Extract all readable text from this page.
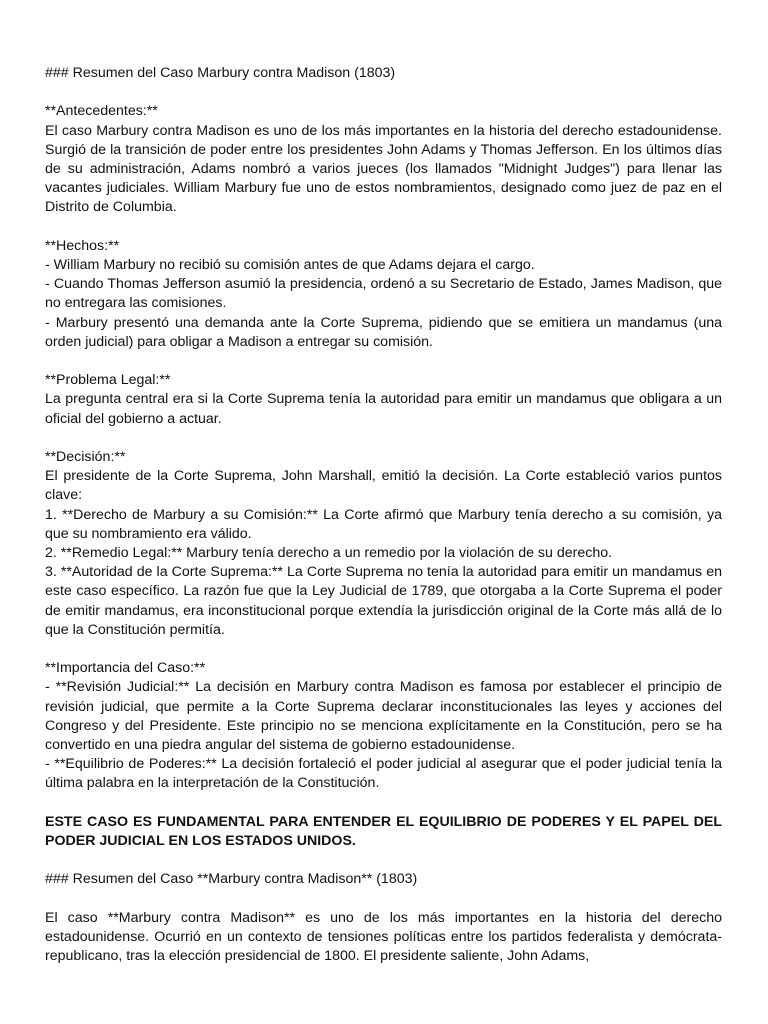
### Resumen del Caso Marbury contra Madison (1803)
**Antecedentes:**
El caso Marbury contra Madison es uno de los más importantes en la historia del derecho estadounidense. Surgió de la transición de poder entre los presidentes John Adams y Thomas Jefferson. En los últimos días de su administración, Adams nombró a varios jueces (los llamados "Midnight Judges") para llenar las vacantes judiciales. William Marbury fue uno de estos nombramientos, designado como juez de paz en el Distrito de Columbia.
**Hechos:**
- William Marbury no recibió su comisión antes de que Adams dejara el cargo.
- Cuando Thomas Jefferson asumió la presidencia, ordenó a su Secretario de Estado, James Madison, que no entregara las comisiones.
- Marbury presentó una demanda ante la Corte Suprema, pidiendo que se emitiera un mandamus (una orden judicial) para obligar a Madison a entregar su comisión.
**Problema Legal:**
La pregunta central era si la Corte Suprema tenía la autoridad para emitir un mandamus que obligara a un oficial del gobierno a actuar.
**Decisión:**
El presidente de la Corte Suprema, John Marshall, emitió la decisión. La Corte estableció varios puntos clave:
1. **Derecho de Marbury a su Comisión:** La Corte afirmó que Marbury tenía derecho a su comisión, ya que su nombramiento era válido.
2. **Remedio Legal:** Marbury tenía derecho a un remedio por la violación de su derecho.
3. **Autoridad de la Corte Suprema:** La Corte Suprema no tenía la autoridad para emitir un mandamus en este caso específico. La razón fue que la Ley Judicial de 1789, que otorgaba a la Corte Suprema el poder de emitir mandamus, era inconstitucional porque extendía la jurisdicción original de la Corte más allá de lo que la Constitución permitía.
**Importancia del Caso:**
- **Revisión Judicial:** La decisión en Marbury contra Madison es famosa por establecer el principio de revisión judicial, que permite a la Corte Suprema declarar inconstitucionales las leyes y acciones del Congreso y del Presidente. Este principio no se menciona explícitamente en la Constitución, pero se ha convertido en una piedra angular del sistema de gobierno estadounidense.
- **Equilibrio de Poderes:** La decisión fortaleció el poder judicial al asegurar que el poder judicial tenía la última palabra en la interpretación de la Constitución.
ESTE CASO ES FUNDAMENTAL PARA ENTENDER EL EQUILIBRIO DE PODERES Y EL PAPEL DEL PODER JUDICIAL EN LOS ESTADOS UNIDOS.
### Resumen del Caso **Marbury contra Madison** (1803)
El caso **Marbury contra Madison** es uno de los más importantes en la historia del derecho estadounidense. Ocurrió en un contexto de tensiones políticas entre los partidos federalista y demócrata-republicano, tras la elección presidencial de 1800. El presidente saliente, John Adams,
